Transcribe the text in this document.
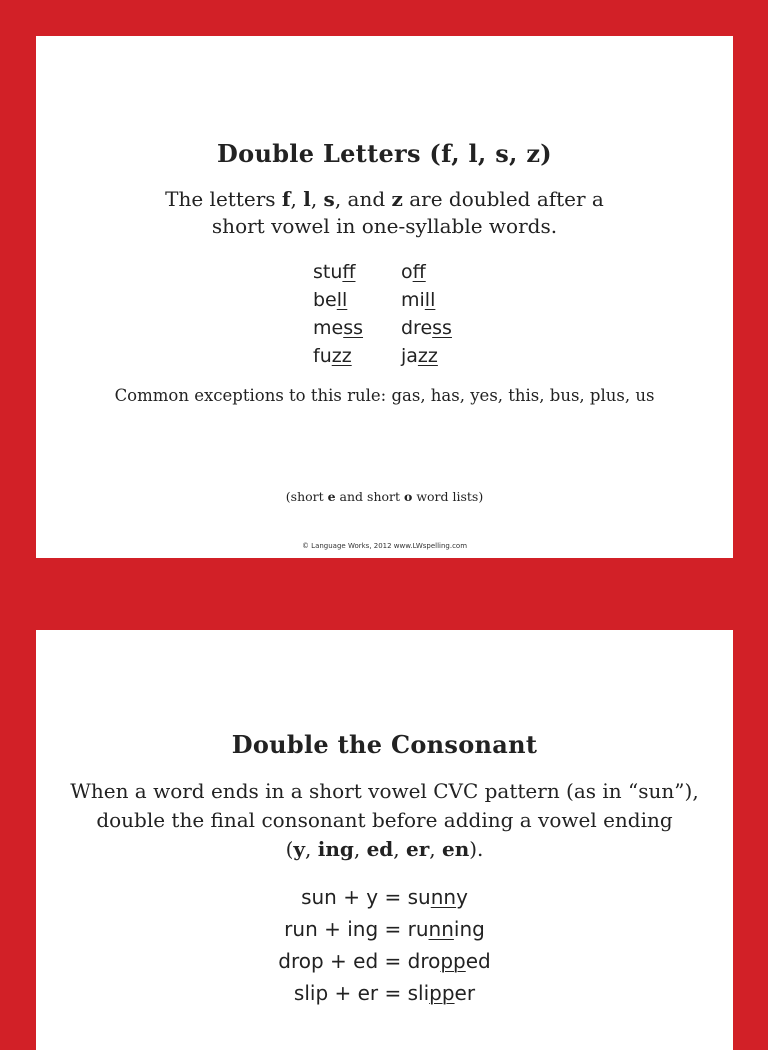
Double Letters (f, l, s, z)
The letters f, l, s, and z are doubled after a
short vowel in one-syllable words.
stuff off
bell	mill
mess dress
fuzz	jazz
Common exceptions to this rule: gas, has, yes, this, bus, plus, us
(short e and short o word lists)
© Language Works, 2012 www.LWspelling.com
Double the Consonant
When a word ends in a short vowel CVC pattern (as in “sun”),
double the final consonant before adding a vowel ending
(y, ing, ed, er, en).
sun + y = sunny
run + ing = running
drop + ed = dropped
slip + er = slipper
